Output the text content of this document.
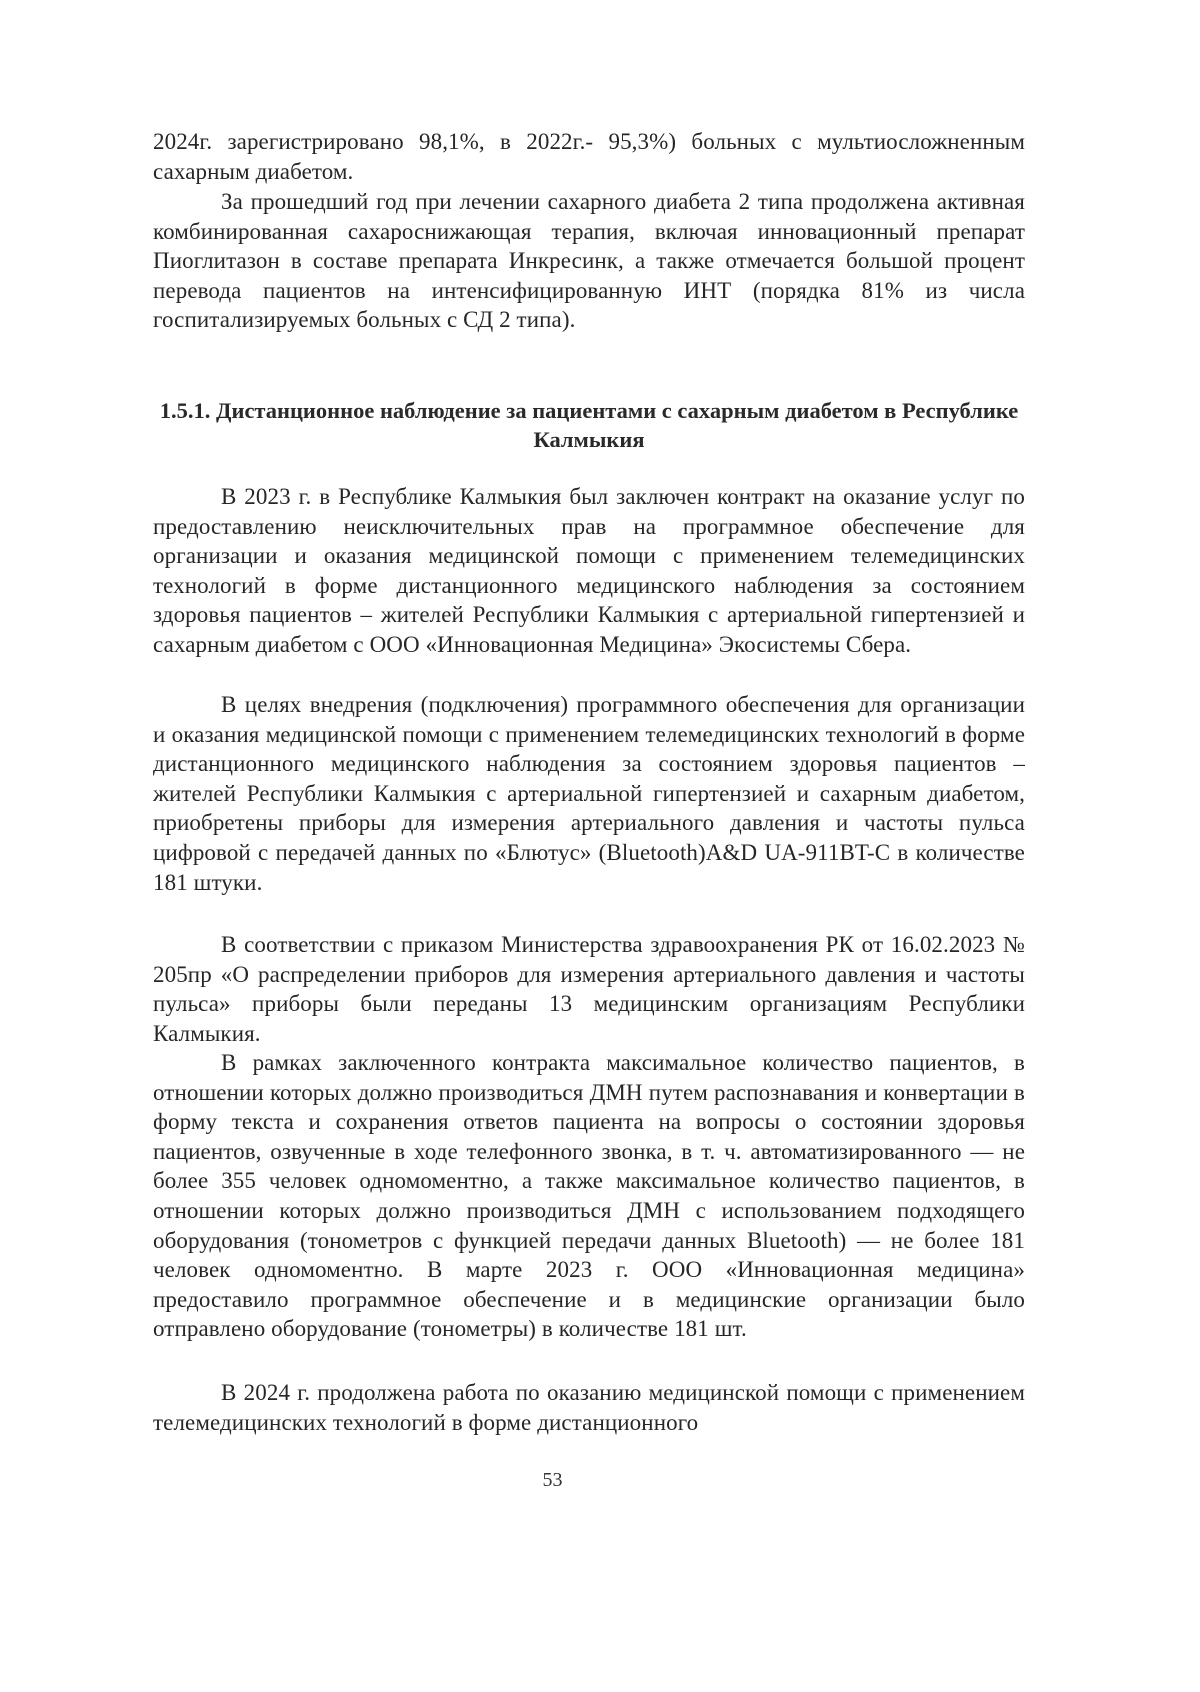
2024г. зарегистрировано 98,1%, в 2022г.- 95,3%) больных с мультиосложненным сахарным диабетом.

За прошедший год при лечении сахарного диабета 2 типа продолжена активная комбинированная сахароснижающая терапия, включая инновационный препарат Пиоглитазон в составе препарата Инкресинк, а также отмечается большой процент перевода пациентов на интенсифицированную ИНТ (порядка 81% из числа госпитализируемых больных с СД 2 типа).

1.5.1. Дистанционное наблюдение за пациентами с сахарным диабетом в Республике Калмыкия

В 2023 г. в Республике Калмыкия был заключен контракт на оказание услуг по предоставлению неисключительных прав на программное обеспечение для организации и оказания медицинской помощи с применением телемедицинских технологий в форме дистанционного медицинского наблюдения за состоянием здоровья пациентов – жителей Республики Калмыкия с артериальной гипертензией и сахарным диабетом с ООО «Инновационная Медицина» Экосистемы Сбера.

В целях внедрения (подключения) программного обеспечения для организации и оказания медицинской помощи с применением телемедицинских технологий в форме дистанционного медицинского наблюдения за состоянием здоровья пациентов – жителей Республики Калмыкия с артериальной гипертензией и сахарным диабетом, приобретены приборы для измерения артериального давления и частоты пульса цифровой с передачей данных по «Блютус» (Bluetooth)A&D UA-911BT-C в количестве 181 штуки.

В соответствии с приказом Министерства здравоохранения РК от 16.02.2023 № 205пр «О распределении приборов для измерения артериального давления и частоты пульса» приборы были переданы 13 медицинским организациям Республики Калмыкия.

В рамках заключенного контракта максимальное количество пациентов, в отношении которых должно производиться ДМН путем распознавания и конвертации в форму текста и сохранения ответов пациента на вопросы о состоянии здоровья пациентов, озвученные в ходе телефонного звонка, в т. ч. автоматизированного — не более 355 человек одномоментно, а также максимальное количество пациентов, в отношении которых должно производиться ДМН с использованием подходящего оборудования (тонометров с функцией передачи данных Bluetooth) — не более 181 человек одномоментно. В марте 2023 г. ООО «Инновационная медицина» предоставило программное обеспечение и в медицинские организации было отправлено оборудование (тонометры) в количестве 181 шт.

В 2024 г. продолжена работа по оказанию медицинской помощи с применением телемедицинских технологий в форме дистанционного

53
